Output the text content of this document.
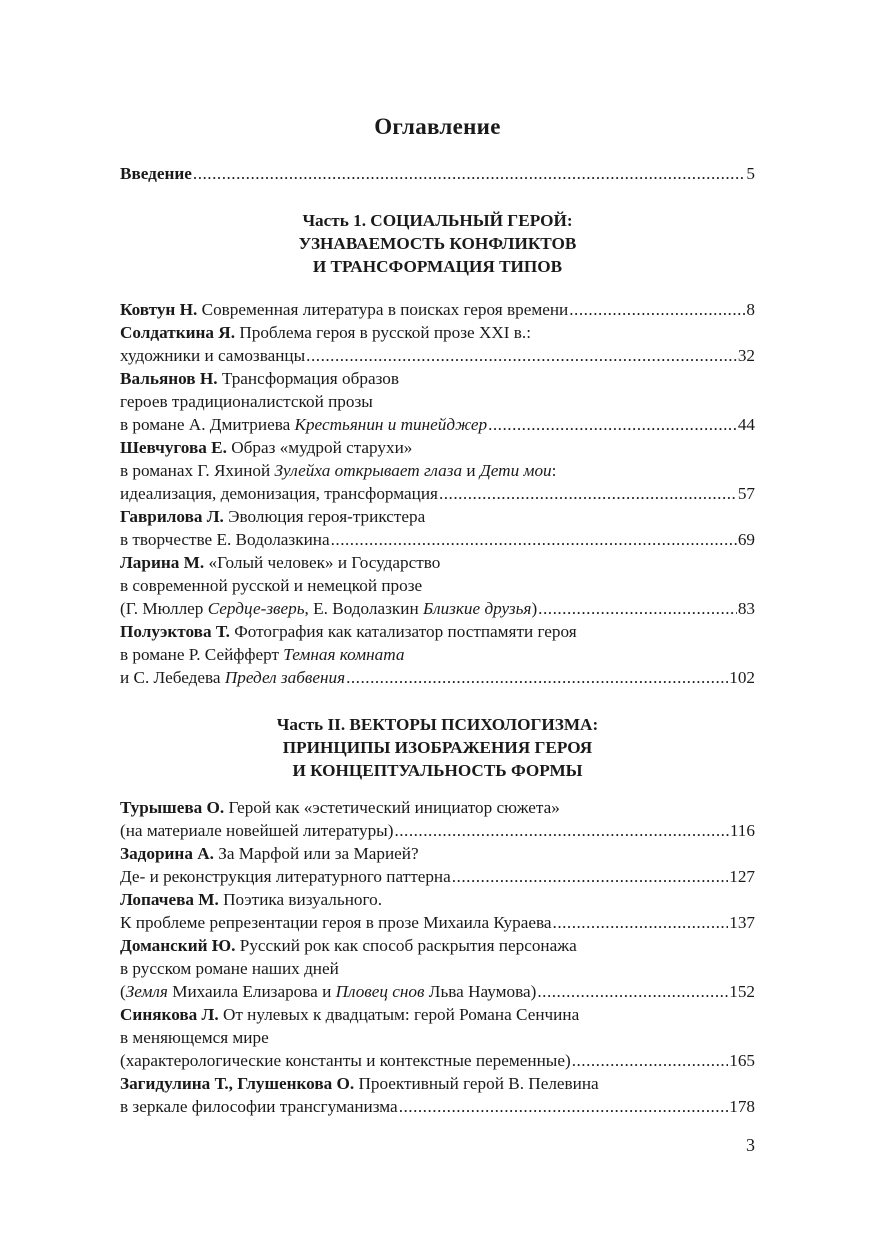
Оглавление
Введение .....	5
Часть 1. СОЦИАЛЬНЫЙ ГЕРОЙ:
УЗНАВАЕМОСТЬ КОНФЛИКТОВ
И ТРАНСФОРМАЦИЯ ТИПОВ
Ковтун Н. Современная литература в поисках героя времени .....	8
Солдаткина Я. Проблема героя в русской прозе XXI в.:
художники и самозванцы .....	32
Вальянов Н. Трансформация образов
героев традиционалистской прозы
в романе А. Дмитриева Крестьянин и тинейджер .....	44
Шевчугова Е. Образ «мудрой старухи»
в романах Г. Яхиной Зулейха открывает глаза и Дети мои:
идеализация, демонизация, трансформация .....	57
Гаврилова Л. Эволюция героя-трикстера
в творчестве Е. Водолазкина .....	69
Ларина М. «Голый человек» и Государство
в современной русской и немецкой прозе
(Г. Мюллер Сердце-зверь, Е. Водолазкин Близкие друзья) .....	83
Полуэктова Т. Фотография как катализатор постпамяти героя
в романе Р. Сейфферт Темная комната
и С. Лебедева Предел забвения .....	102
Часть II. ВЕКТОРЫ ПСИХОЛОГИЗМА:
ПРИНЦИПЫ ИЗОБРАЖЕНИЯ ГЕРОЯ
И КОНЦЕПТУАЛЬНОСТЬ ФОРМЫ
Турышева О. Герой как «эстетический инициатор сюжета»
(на материале новейшей литературы) .....	116
Задорина А. За Марфой или за Марией?
Де- и реконструкция литературного паттерна .....	127
Лопачева М. Поэтика визуального.
К проблеме репрезентации героя в прозе Михаила Кураева .....	137
Доманский Ю. Русский рок как способ раскрытия персонажа
в русском романе наших дней
(Земля Михаила Елизарова и Пловец снов Льва Наумова) .....	152
Синякова Л. От нулевых к двадцатым: герой Романа Сенчина
в меняющемся мире
(характерологические константы и контекстные переменные) .....	165
Загидулина Т., Глушенкова О. Проективный герой В. Пелевина
в зеркале философии трансгуманизма .....	178
3
